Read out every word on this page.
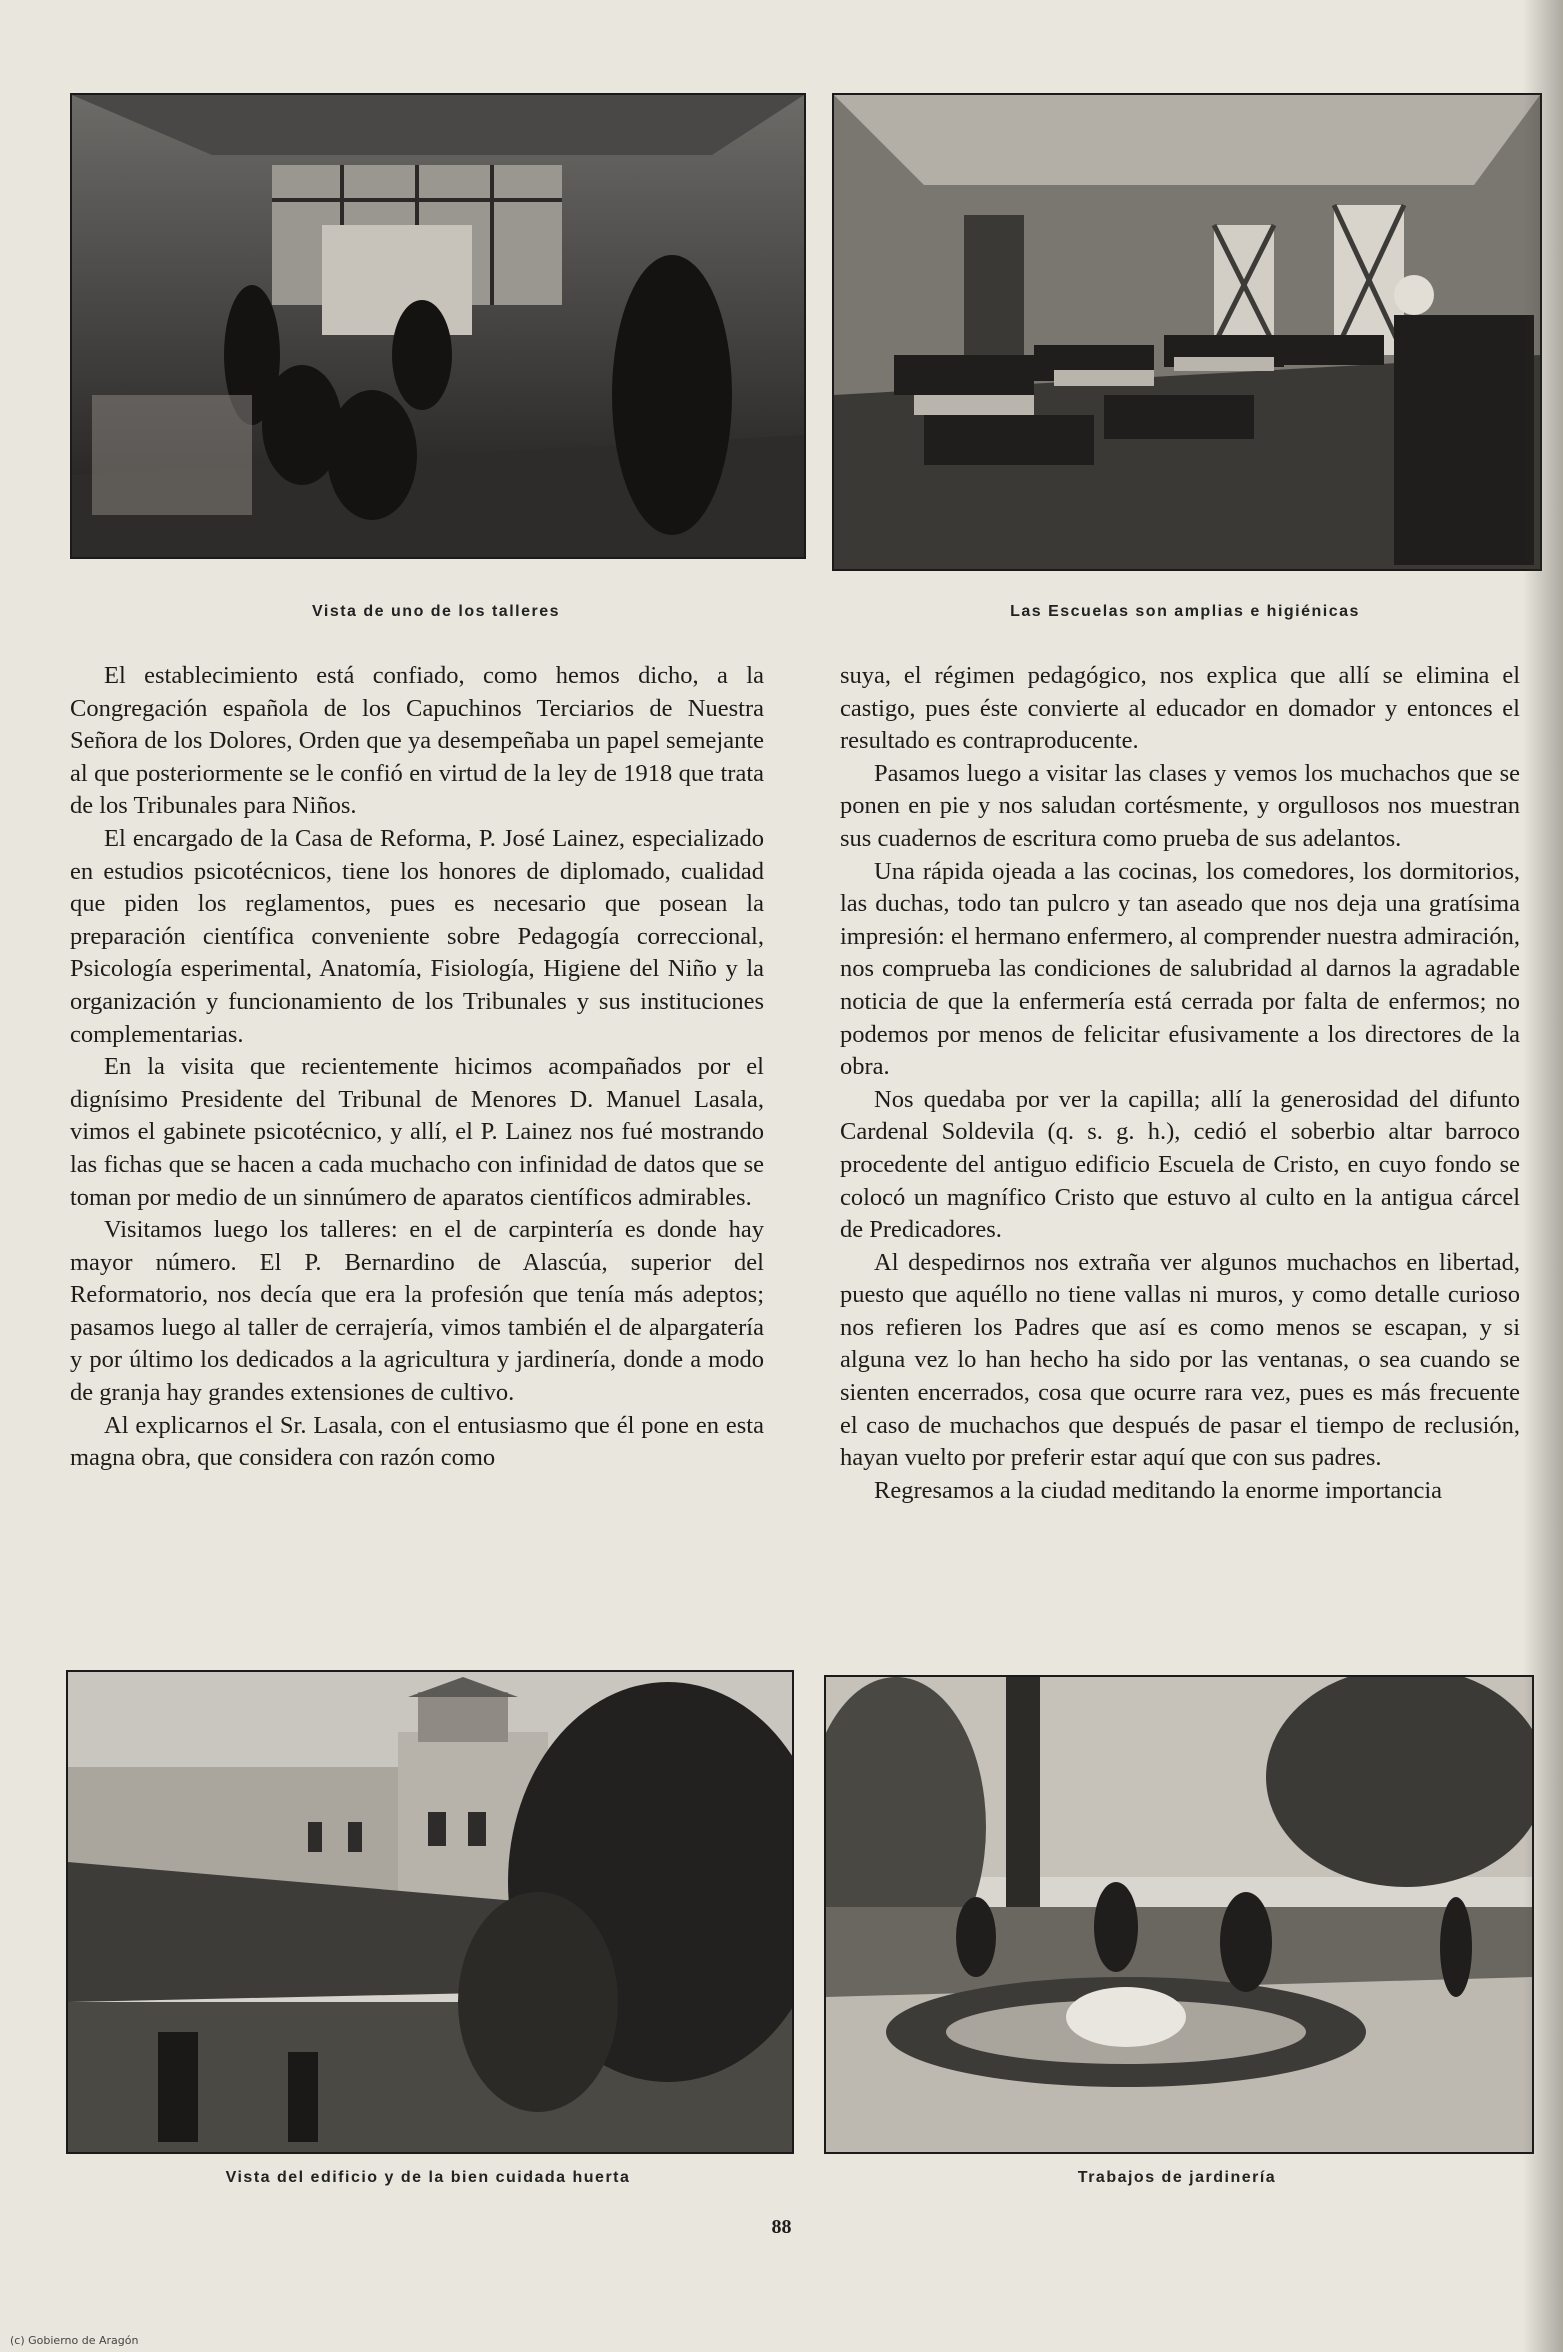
Vista de uno de los talleres	Las Escuelas son amplias e higiénicas

El establecimiento está confiado, como hemos dicho, a la Congregación española de los Capuchinos Terciarios de Nuestra Señora de los Dolores, Orden que ya desempeñaba un papel semejante al que posteriormente se le confió en virtud de la ley de 1918 que trata de los Tribunales para Niños.

El encargado de la Casa de Reforma, P. José Lainez, especializado en estudios psicotécnicos, tiene los honores de diplomado, cualidad que piden los reglamentos, pues es necesario que posean la preparación científica conveniente sobre Pedagogía correccional, Psicología esperimental, Anatomía, Fisiología, Higiene del Niño y la organización y funcionamiento de los Tribunales y sus instituciones complementarias.

En la visita que recientemente hicimos acompañados por el dignísimo Presidente del Tribunal de Menores D. Manuel Lasala, vimos el gabinete psicotécnico, y allí, el P. Lainez nos fué mostrando las fichas que se hacen a cada muchacho con infinidad de datos que se toman por medio de un sinnúmero de aparatos científicos admirables.

Visitamos luego los talleres: en el de carpintería es donde hay mayor número. El P. Bernardino de Alascúa, superior del Reformatorio, nos decía que era la profesión que tenía más adeptos; pasamos luego al taller de cerrajería, vimos también el de alpargatería y por último los dedicados a la agricultura y jardinería, donde a modo de granja hay grandes extensiones de cultivo.

Al explicarnos el Sr. Lasala, con el entusiasmo que él pone en esta magna obra, que considera con razón como

suya, el régimen pedagógico, nos explica que allí se elimina el castigo, pues éste convierte al educador en domador y entonces el resultado es contraproducente.

Pasamos luego a visitar las clases y vemos los muchachos que se ponen en pie y nos saludan cortésmente, y orgullosos nos muestran sus cuadernos de escritura como prueba de sus adelantos.

Una rápida ojeada a las cocinas, los comedores, los dormitorios, las duchas, todo tan pulcro y tan aseado que nos deja una gratísima impresión: el hermano enfermero, al comprender nuestra admiración, nos comprueba las condiciones de salubridad al darnos la agradable noticia de que la enfermería está cerrada por falta de enfermos; no podemos por menos de felicitar efusivamente a los directores de la obra.

Nos quedaba por ver la capilla; allí la generosidad del difunto Cardenal Soldevila (q. s. g. h.), cedió el soberbio altar barroco procedente del antiguo edificio Escuela de Cristo, en cuyo fondo se colocó un magnífico Cristo que estuvo al culto en la antigua cárcel de Predicadores.

Al despedirnos nos extraña ver algunos muchachos en libertad, puesto que aquéllo no tiene vallas ni muros, y como detalle curioso nos refieren los Padres que así es como menos se escapan, y si alguna vez lo han hecho ha sido por las ventanas, o sea cuando se sienten encerrados, cosa que ocurre rara vez, pues es más frecuente el caso de muchachos que después de pasar el tiempo de reclusión, hayan vuelto por preferir estar aquí que con sus padres.

Regresamos a la ciudad meditando la enorme importancia

Vista del edificio y de la bien cuidada huerta	Trabajos de jardinería
88
(c) Gobierno de Aragón
